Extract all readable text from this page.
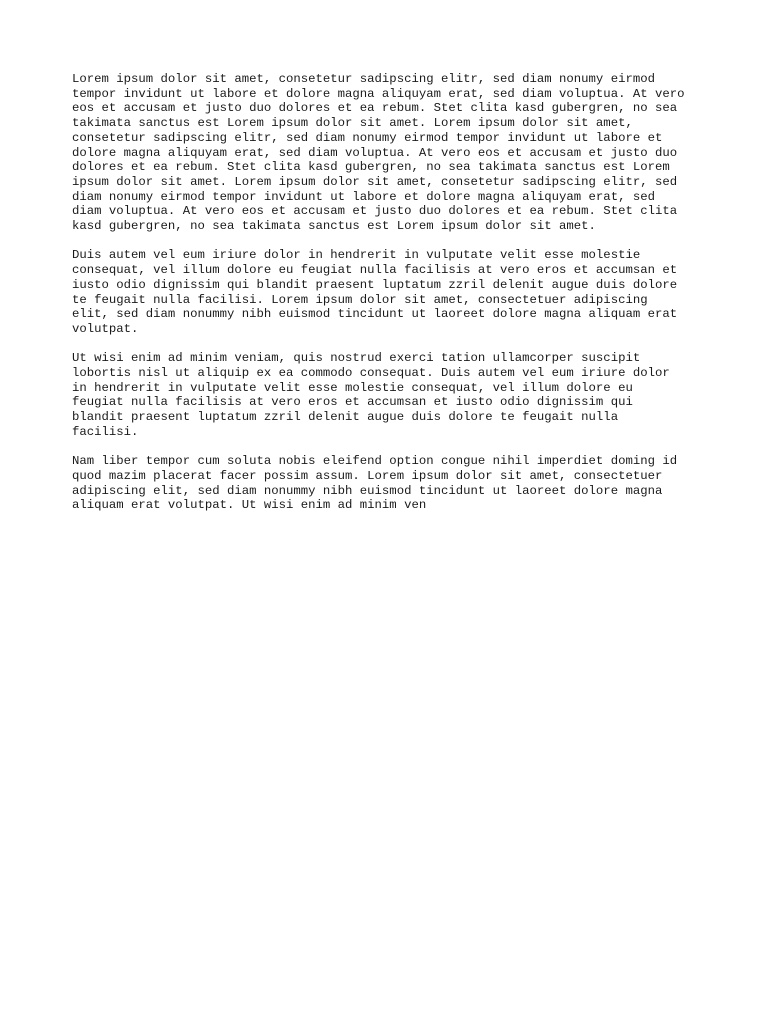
Lorem ipsum dolor sit amet, consetetur sadipscing elitr, sed diam nonumy eirmod
tempor invidunt ut labore et dolore magna aliquyam erat, sed diam voluptua. At vero
eos et accusam et justo duo dolores et ea rebum. Stet clita kasd gubergren, no sea
takimata sanctus est Lorem ipsum dolor sit amet. Lorem ipsum dolor sit amet,
consetetur sadipscing elitr, sed diam nonumy eirmod tempor invidunt ut labore et
dolore magna aliquyam erat, sed diam voluptua. At vero eos et accusam et justo duo
dolores et ea rebum. Stet clita kasd gubergren, no sea takimata sanctus est Lorem
ipsum dolor sit amet. Lorem ipsum dolor sit amet, consetetur sadipscing elitr, sed
diam nonumy eirmod tempor invidunt ut labore et dolore magna aliquyam erat, sed
diam voluptua. At vero eos et accusam et justo duo dolores et ea rebum. Stet clita
kasd gubergren, no sea takimata sanctus est Lorem ipsum dolor sit amet.

Duis autem vel eum iriure dolor in hendrerit in vulputate velit esse molestie
consequat, vel illum dolore eu feugiat nulla facilisis at vero eros et accumsan et
iusto odio dignissim qui blandit praesent luptatum zzril delenit augue duis dolore
te feugait nulla facilisi. Lorem ipsum dolor sit amet, consectetuer adipiscing
elit, sed diam nonummy nibh euismod tincidunt ut laoreet dolore magna aliquam erat
volutpat.

Ut wisi enim ad minim veniam, quis nostrud exerci tation ullamcorper suscipit
lobortis nisl ut aliquip ex ea commodo consequat. Duis autem vel eum iriure dolor
in hendrerit in vulputate velit esse molestie consequat, vel illum dolore eu
feugiat nulla facilisis at vero eros et accumsan et iusto odio dignissim qui
blandit praesent luptatum zzril delenit augue duis dolore te feugait nulla
facilisi.

Nam liber tempor cum soluta nobis eleifend option congue nihil imperdiet doming id
quod mazim placerat facer possim assum. Lorem ipsum dolor sit amet, consectetuer
adipiscing elit, sed diam nonummy nibh euismod tincidunt ut laoreet dolore magna
aliquam erat volutpat. Ut wisi enim ad minim ven
